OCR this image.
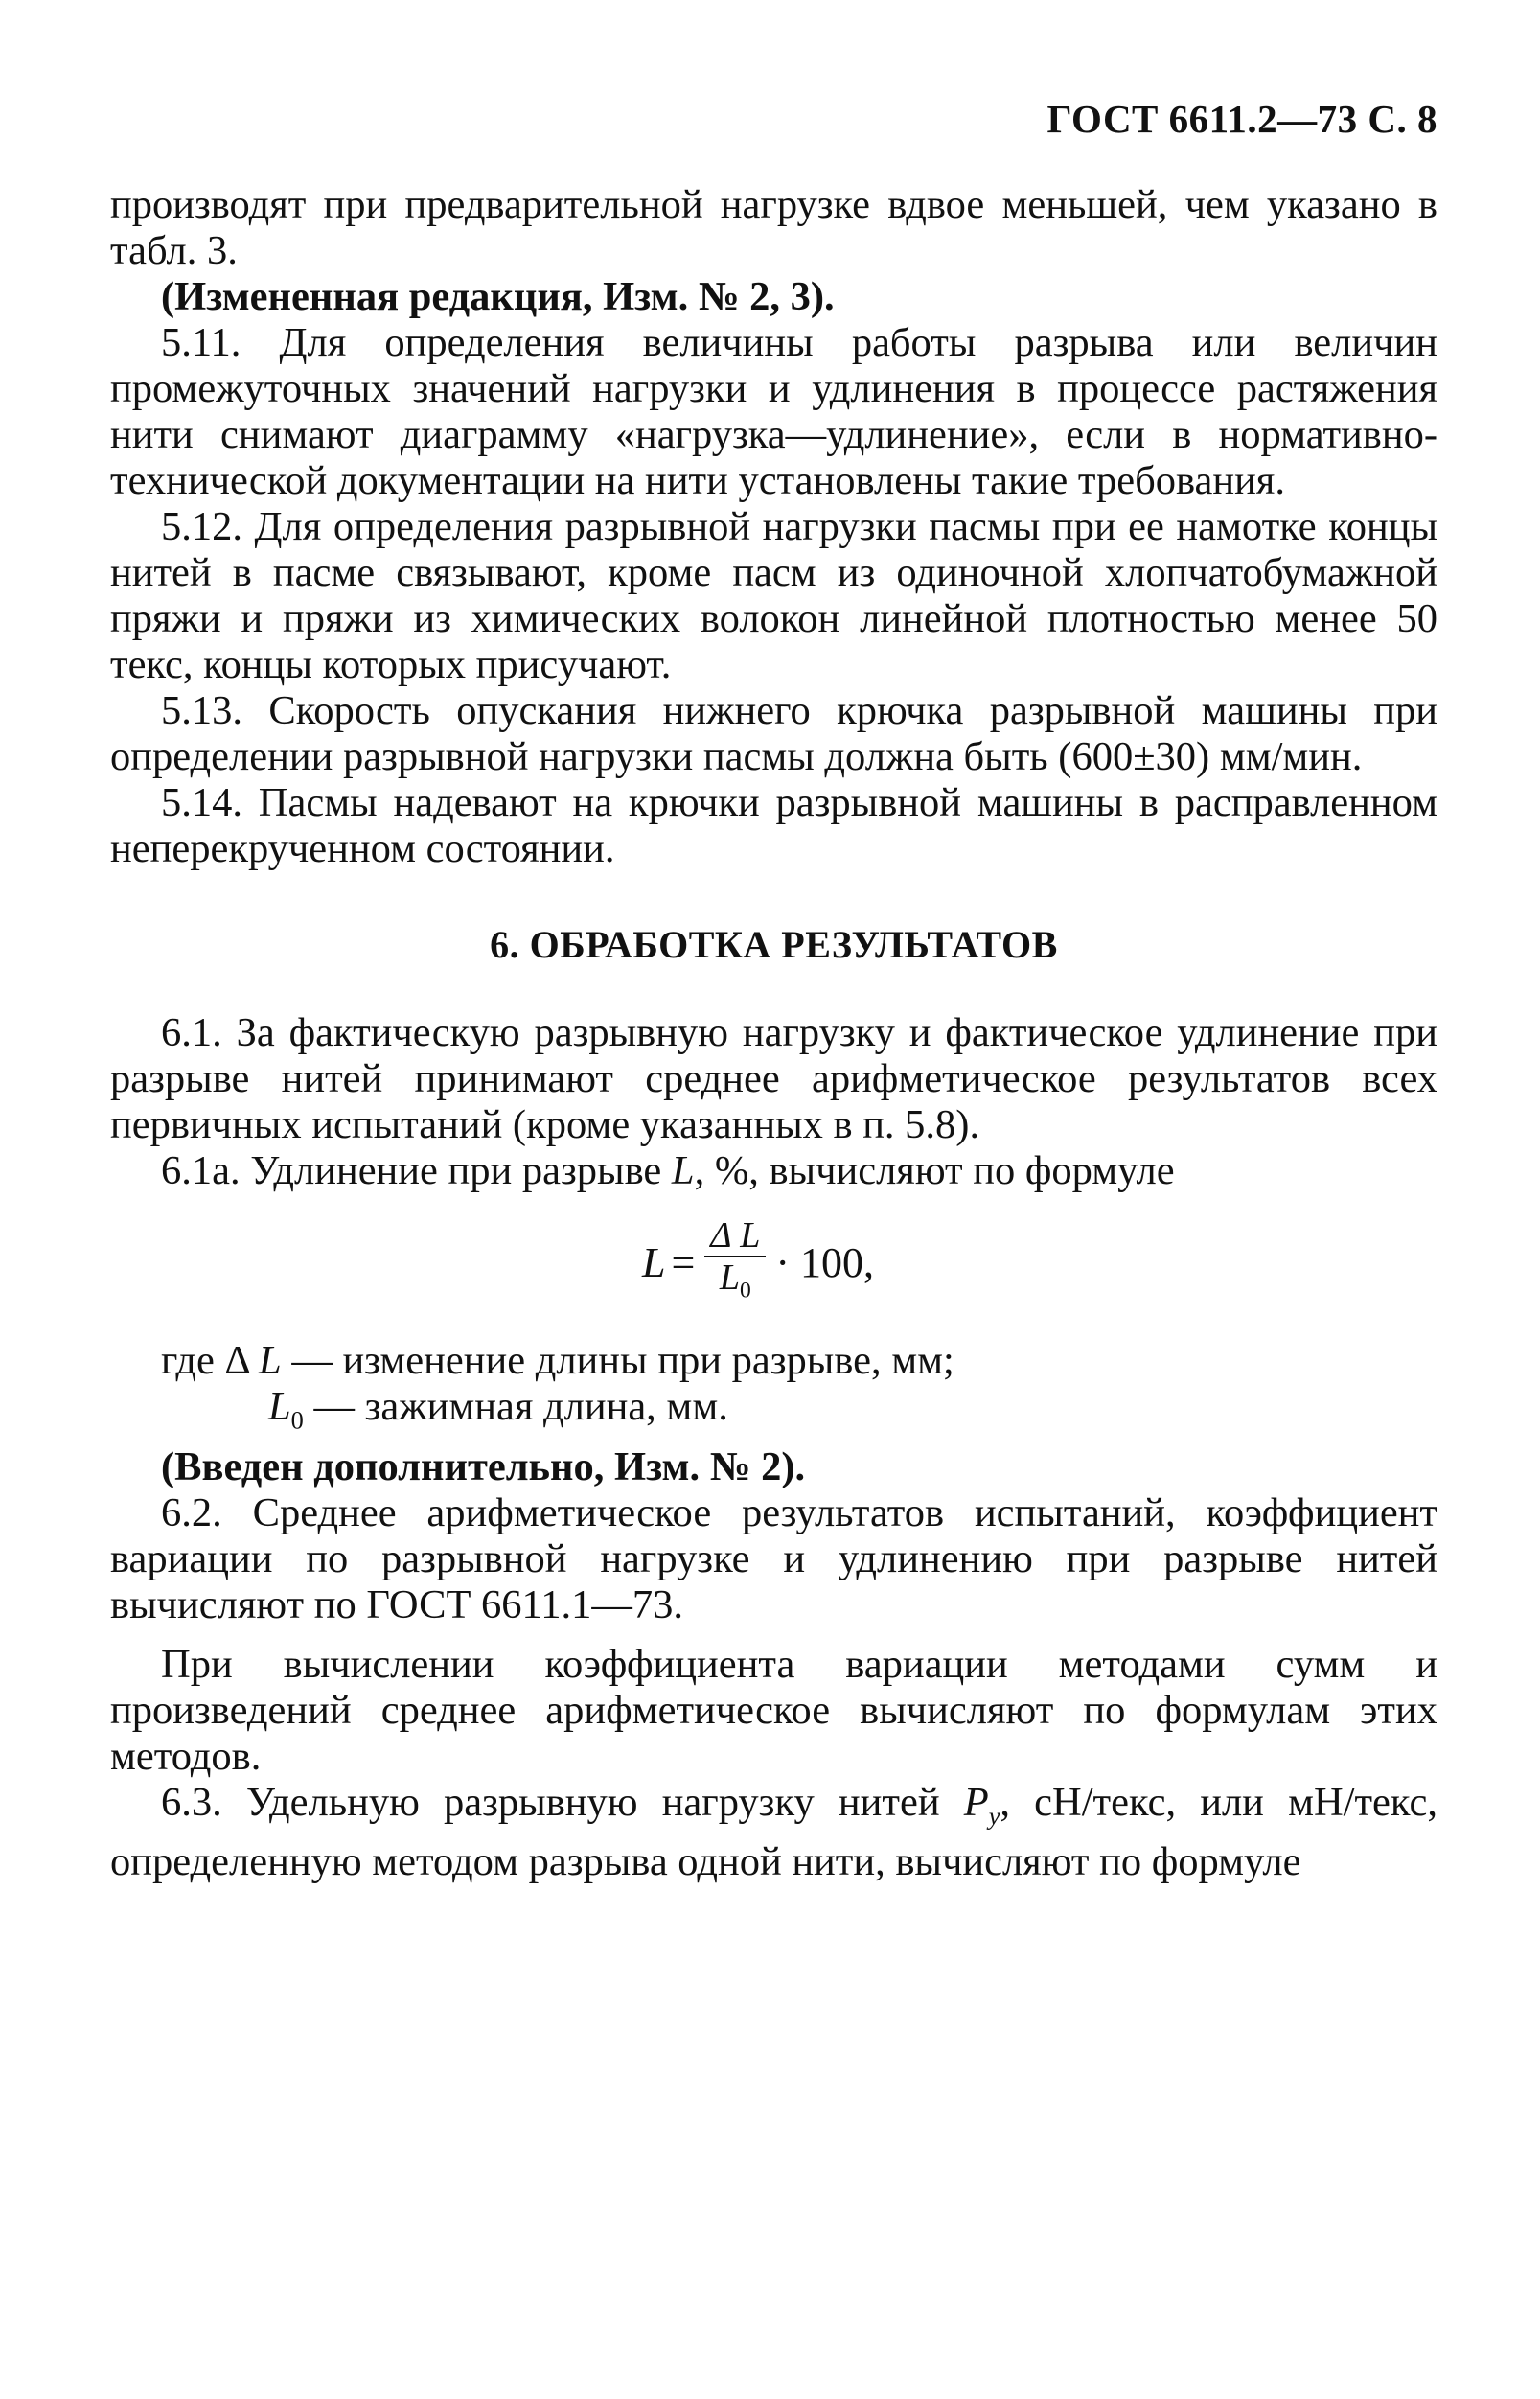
ГОСТ 6611.2—73 С. 8

производят при предварительной нагрузке вдвое меньшей, чем указано в табл. 3.

(Измененная редакция, Изм. № 2, 3).

5.11. Для определения величины работы разрыва или величин промежуточных значений нагрузки и удлинения в процессе растяжения нити снимают диаграмму «нагрузка—удлинение», если в нормативно-технической документации на нити установлены такие требования.

5.12. Для определения разрывной нагрузки пасмы при ее намотке концы нитей в пасме связывают, кроме пасм из одиночной хлопчатобумажной пряжи и пряжи из химических волокон линейной плотностью менее 50 текс, концы которых присучают.

5.13. Скорость опускания нижнего крючка разрывной машины при определении разрывной нагрузки пасмы должна быть (600±30) мм/мин.

5.14. Пасмы надевают на крючки разрывной машины в расправленном неперекрученном состоянии.

6. ОБРАБОТКА РЕЗУЛЬТАТОВ

6.1. За фактическую разрывную нагрузку и фактическое удлинение при разрыве нитей принимают среднее арифметическое результатов всех первичных испытаний (кроме указанных в п. 5.8).

6.1а. Удлинение при разрыве L, %, вычисляют по формуле

$L = \frac{\text{Δ L}}{L_0} \cdot 100$,

где Δ L — изменение длины при разрыве, мм;

$L_0$ — зажимная длина, мм.

(Введен дополнительно, Изм. № 2).

6.2. Среднее арифметическое результатов испытаний, коэффициент вариации по разрывной нагрузке и удлинению при разрыве нитей вычисляют по ГОСТ 6611.1—73.

При вычислении коэффициента вариации методами сумм и произведений среднее арифметическое вычисляют по формулам этих методов.

6.3. Удельную разрывную нагрузку нитей $P_y$, сН/текс, или мН/текс, определенную методом разрыва одной нити, вычисляют по формуле
